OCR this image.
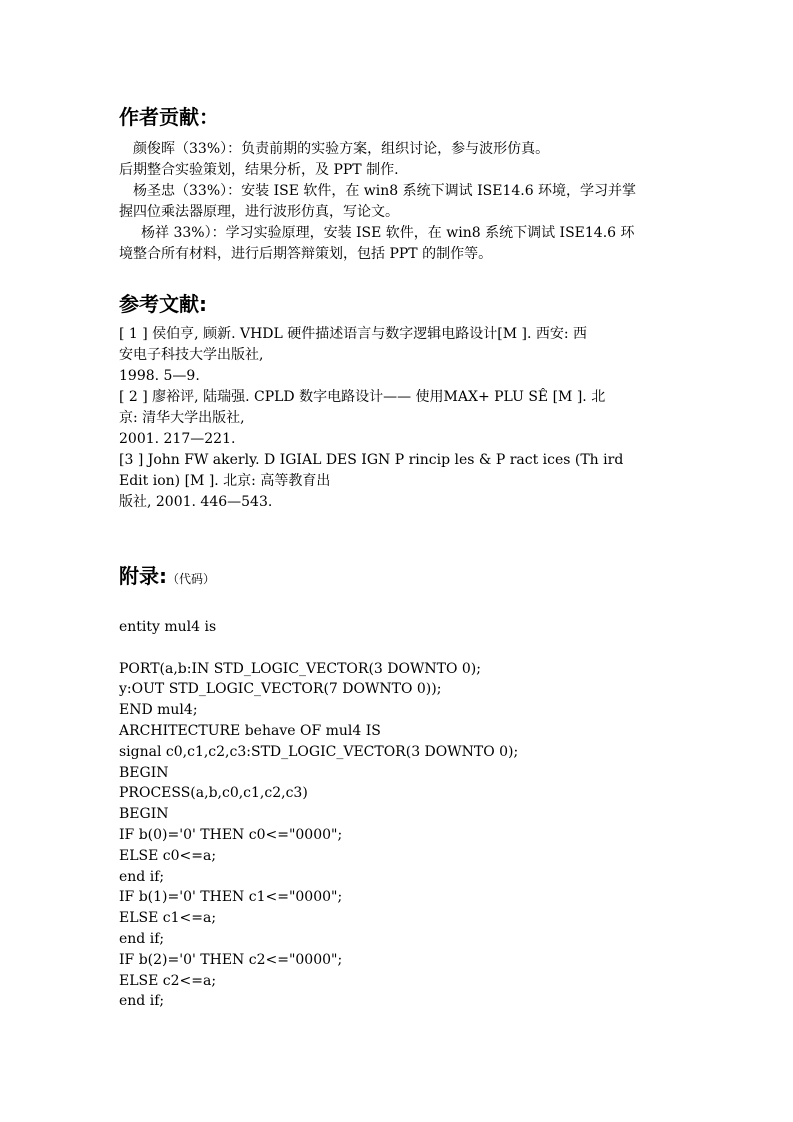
作者贡献：
颜俊晖（33%）：负责前期的实验方案，组织讨论，参与波形仿真。
后期整合实验策划，结果分析，及 PPT 制作.
杨圣忠（33%）：安装 ISE 软件，在 win8 系统下调试 ISE14.6 环境，学习并掌
握四位乘法器原理，进行波形仿真，写论文。
杨祥 33%）：学习实验原理，安装 ISE 软件，在 win8 系统下调试 ISE14.6 环
境整合所有材料，进行后期答辩策划，包括 PPT 的制作等。
参考文献:
[ 1 ] 侯伯亨, 顾新. VHDL 硬件描述语言与数字逻辑电路设计[M ]. 西安: 西
安电子科技大学出版社,
1998. 5—9.
[ 2 ] 廖裕评, 陆瑞强. CPLD 数字电路设计—— 使用MAX+ PLU SÊ [M ]. 北
京: 清华大学出版社,
2001. 217—221.
[3 ] John FW akerly. D IGIAL DES IGN P rincip les & P ract ices (Th ird
Edit ion) [M ]. 北京: 高等教育出
版社, 2001. 446—543.
附录:（代码）
entity mul4 is
PORT(a,b:IN STD_LOGIC_VECTOR(3 DOWNTO 0);
y:OUT STD_LOGIC_VECTOR(7 DOWNTO 0));
END mul4;
ARCHITECTURE behave OF mul4 IS
signal c0,c1,c2,c3:STD_LOGIC_VECTOR(3 DOWNTO 0);
BEGIN
PROCESS(a,b,c0,c1,c2,c3)
BEGIN
IF b(0)='0' THEN c0<="0000";
ELSE c0<=a;
end if;
IF b(1)='0' THEN c1<="0000";
ELSE c1<=a;
end if;
IF b(2)='0' THEN c2<="0000";
ELSE c2<=a;
end if;
